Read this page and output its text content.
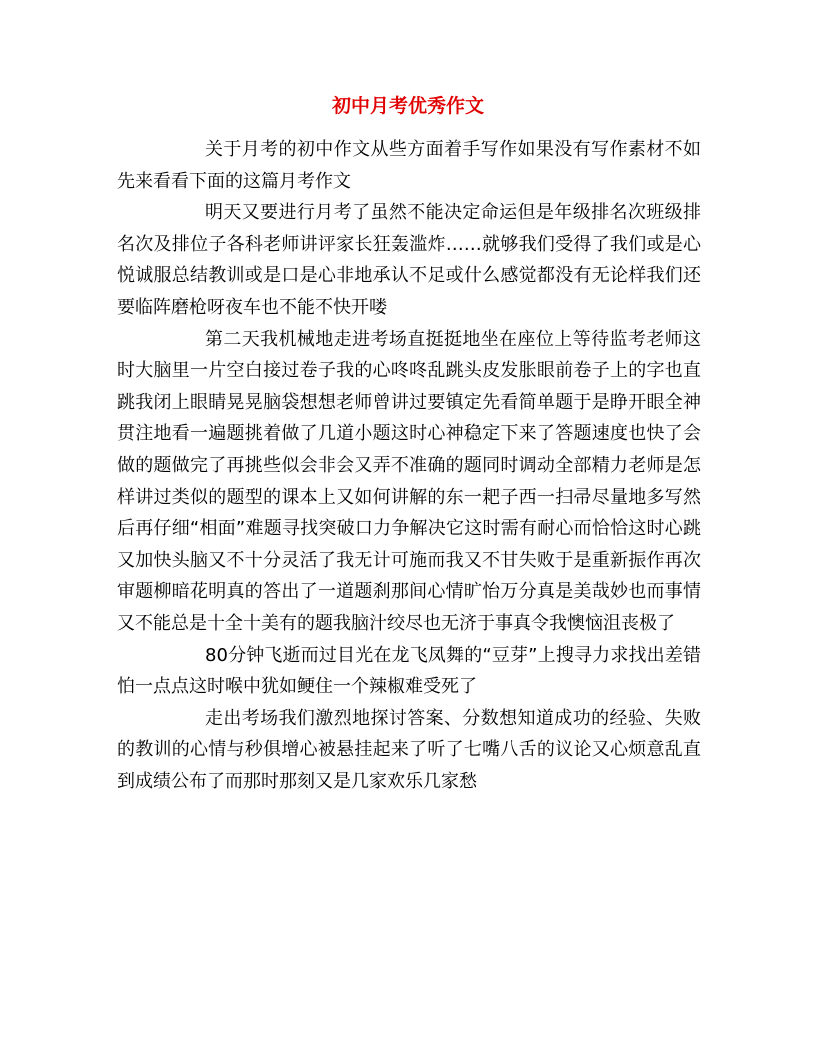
初中月考优秀作文

关于月考的初中作文从些方面着手写作如果没有写作素材不如先来看看下面的这篇月考作文

明天又要进行月考了虽然不能决定命运但是年级排名次班级排名次及排位子各科老师讲评家长狂轰滥炸……就够我们受得了我们或是心悦诚服总结教训或是口是心非地承认不足或什么感觉都没有无论样我们还要临阵磨枪呀夜车也不能不快开喽

第二天我机械地走进考场直挺挺地坐在座位上等待监考老师这时大脑里一片空白接过卷子我的心咚咚乱跳头皮发胀眼前卷子上的字也直跳我闭上眼睛晃晃脑袋想想老师曾讲过要镇定先看简单题于是睁开眼全神贯注地看一遍题挑着做了几道小题这时心神稳定下来了答题速度也快了会做的题做完了再挑些似会非会又弄不准确的题同时调动全部精力老师是怎样讲过类似的题型的课本上又如何讲解的东一耙子西一扫帚尽量地多写然后再仔细“相面”难题寻找突破口力争解决它这时需有耐心而恰恰这时心跳又加快头脑又不十分灵活了我无计可施而我又不甘失败于是重新振作再次审题柳暗花明真的答出了一道题刹那间心情旷怡万分真是美哉妙也而事情又不能总是十全十美有的题我脑汁绞尽也无济于事真令我懊恼沮丧极了

80分钟飞逝而过目光在龙飞凤舞的“豆芽”上搜寻力求找出差错怕一点点这时喉中犹如鲠住一个辣椒难受死了

走出考场我们激烈地探讨答案、分数想知道成功的经验、失败的教训的心情与秒俱增心被悬挂起来了听了七嘴八舌的议论又心烦意乱直到成绩公布了而那时那刻又是几家欢乐几家愁
